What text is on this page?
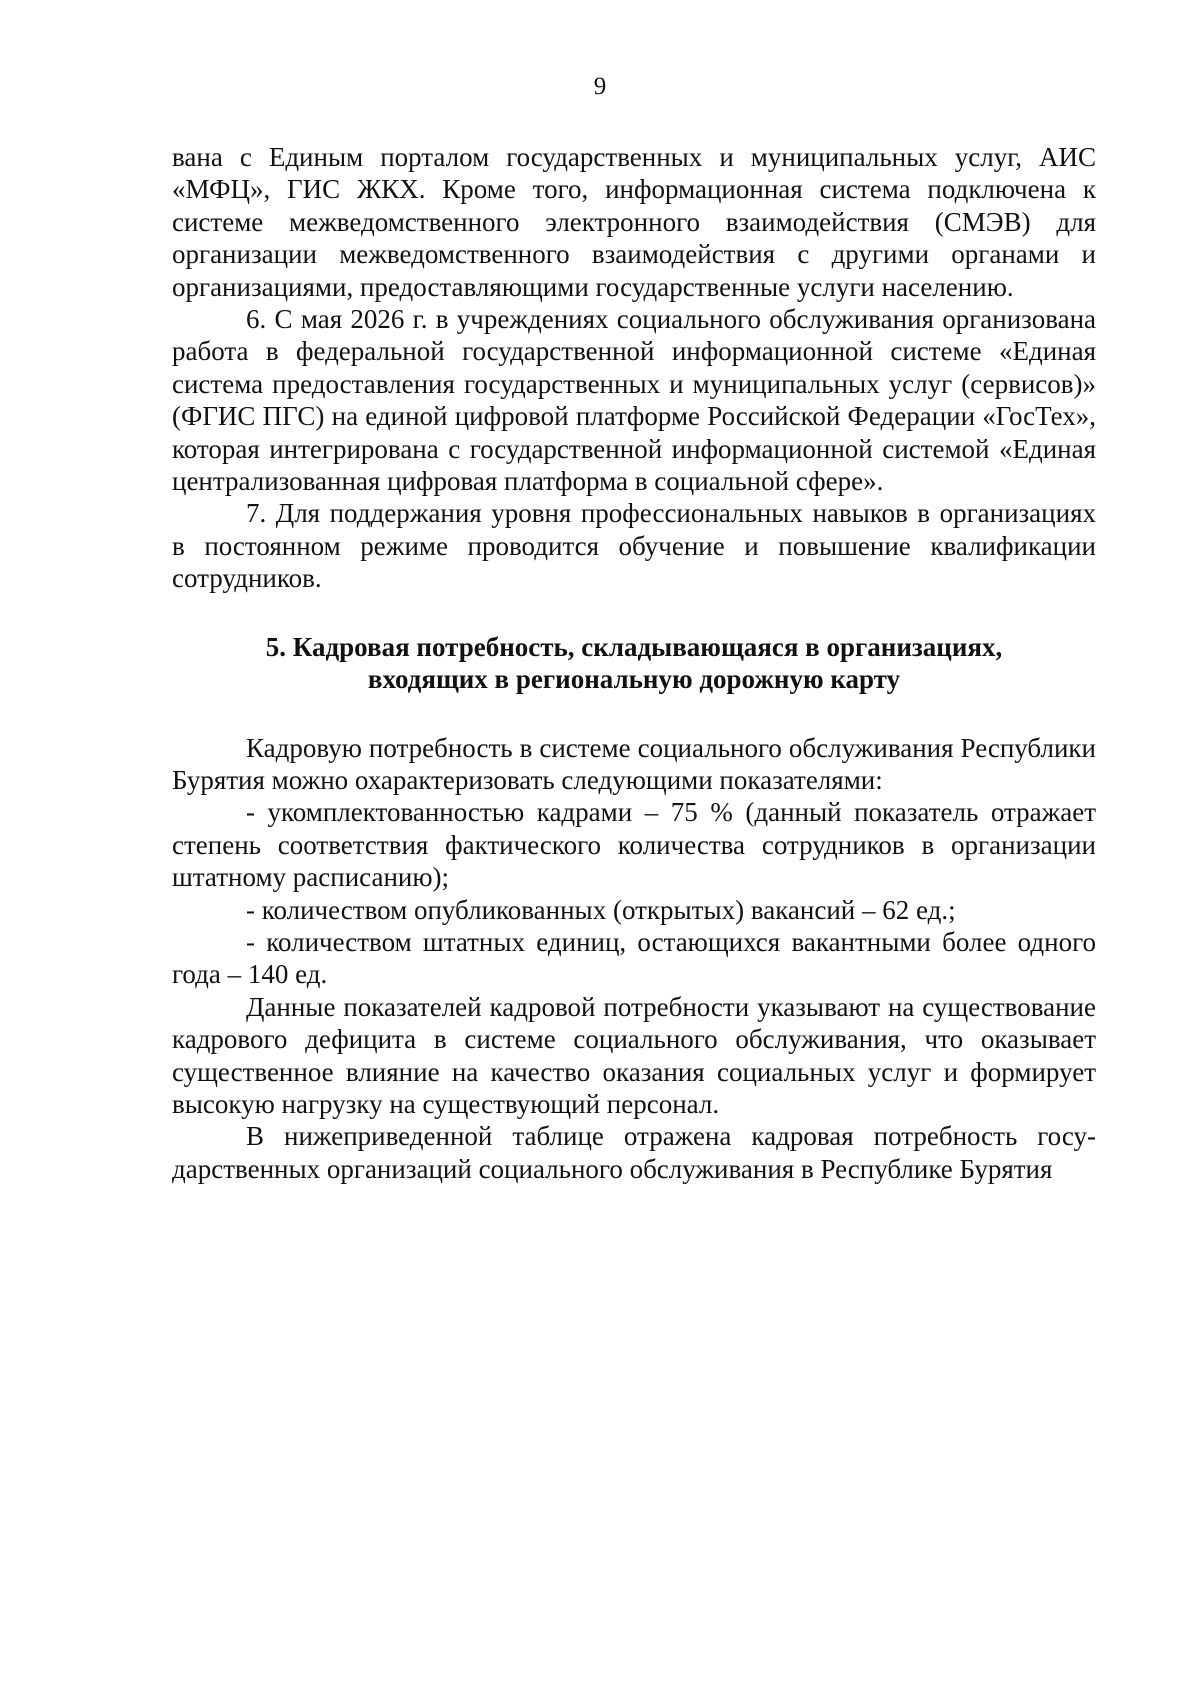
9

вана с Единым порталом государственных и муниципальных услуг, АИС «МФЦ», ГИС ЖКХ. Кроме того, информационная система подключена к системе межведомственного электронного взаимодействия (СМЭВ) для организации межведомственного взаимодействия с другими органами и организациями, предоставляющими государственные услуги населению.

6. С мая 2026 г. в учреждениях социального обслуживания организована работа в федеральной государственной информационной системе «Единая система предоставления государственных и муниципальных услуг (сервисов)» (ФГИС ПГС) на единой цифровой платформе Российской Федерации «ГосТех», которая интегрирована с государственной информационной системой «Единая централизованная цифровая платформа в социальной сфере».

7. Для поддержания уровня профессиональных навыков в организациях в постоянном режиме проводится обучение и повышение квалификации сотрудников.

5. Кадровая потребность, складывающаяся в организациях,
входящих в региональную дорожную карту

Кадровую потребность в системе социального обслуживания Республики Бурятия можно охарактеризовать следующими показателями:

- укомплектованностью кадрами – 75 % (данный показатель отражает степень соответствия фактического количества сотрудников в организации штатному расписанию);

- количеством опубликованных (открытых) вакансий – 62 ед.;

- количеством штатных единиц, остающихся вакантными более одного года – 140 ед.

Данные показателей кадровой потребности указывают на существование кадрового дефицита в системе социального обслуживания, что оказывает существенное влияние на качество оказания социальных услуг и формирует высокую нагрузку на существующий персонал.

В нижеприведенной таблице отражена кадровая потребность государственных организаций социального обслуживания в Республике Бурятия
